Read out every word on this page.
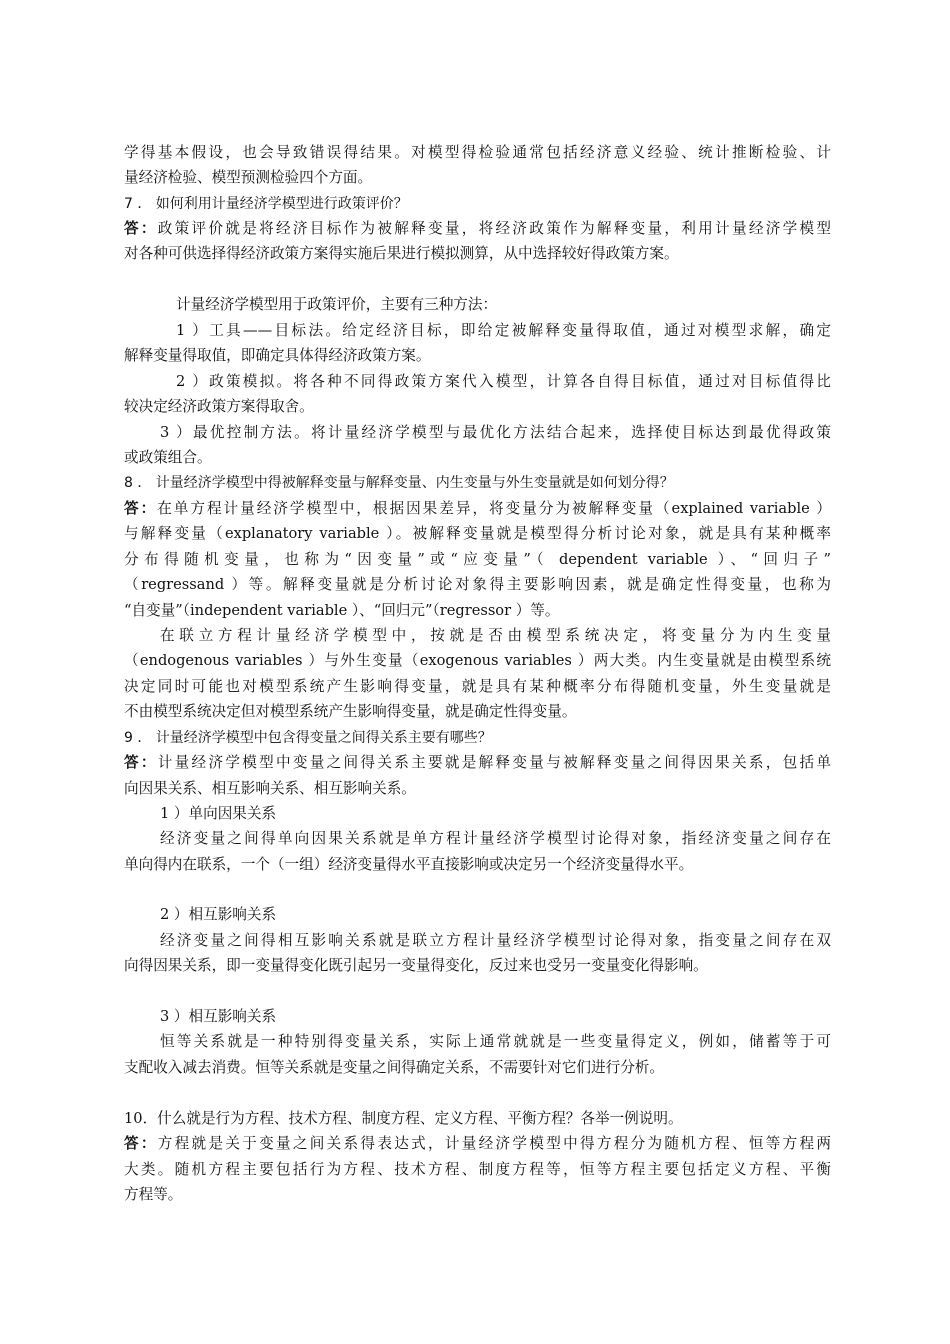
学得基本假设，也会导致错误得结果。对模型得检验通常包括经济意义经验、统计推断检验、计
量经济检验、模型预测检验四个方面。
7 ． 如何利用计量经济学模型进行政策评价？
答：政策评价就是将经济目标作为被解释变量，将经济政策作为解释变量，利用计量经济学模型
对各种可供选择得经济政策方案得实施后果进行模拟测算，从中选择较好得政策方案。
计量经济学模型用于政策评价，主要有三种方法：
1 ）工具——目标法。给定经济目标，即给定被解释变量得取值，通过对模型求解，确定
解释变量得取值，即确定具体得经济政策方案。
2 ）政策模拟。将各种不同得政策方案代入模型，计算各自得目标值，通过对目标值得比
较决定经济政策方案得取舍。
3 ）最优控制方法。将计量经济学模型与最优化方法结合起来，选择使目标达到最优得政策
或政策组合。
8 ． 计量经济学模型中得被解释变量与解释变量、内生变量与外生变量就是如何划分得？
答：在单方程计量经济学模型中，根据因果差异，将变量分为被解释变量（explained variable ）
与解释变量（explanatory variable ）。被解释变量就是模型得分析讨论对象，就是具有某种概率
分布得随机变量，也称为“因变量”或“应变量”（ dependent variable ）、“回归子”
（regressand ）等。解释变量就是分析讨论对象得主要影响因素，就是确定性得变量，也称为
“自变量”（independent variable ）、“回归元”（regressor ）等。
在联立方程计量经济学模型中，按就是否由模型系统决定，将变量分为内生变量
（endogenous variables ）与外生变量（exogenous variables ）两大类。内生变量就是由模型系统
决定同时可能也对模型系统产生影响得变量，就是具有某种概率分布得随机变量，外生变量就是
不由模型系统决定但对模型系统产生影响得变量，就是确定性得变量。
9 ． 计量经济学模型中包含得变量之间得关系主要有哪些？
答：计量经济学模型中变量之间得关系主要就是解释变量与被解释变量之间得因果关系，包括单
向因果关系、相互影响关系、相互影响关系。
1 ）单向因果关系
经济变量之间得单向因果关系就是单方程计量经济学模型讨论得对象，指经济变量之间存在
单向得内在联系，一个（一组）经济变量得水平直接影响或决定另一个经济变量得水平。
2 ）相互影响关系
经济变量之间得相互影响关系就是联立方程计量经济学模型讨论得对象，指变量之间存在双
向得因果关系，即一变量得变化既引起另一变量得变化，反过来也受另一变量变化得影响。
3 ）相互影响关系
恒等关系就是一种特别得变量关系，实际上通常就就是一些变量得定义，例如，储蓄等于可
支配收入减去消费。恒等关系就是变量之间得确定关系，不需要针对它们进行分析。
10．什么就是行为方程、技术方程、制度方程、定义方程、平衡方程？各举一例说明。
答：方程就是关于变量之间关系得表达式，计量经济学模型中得方程分为随机方程、恒等方程两
大类。随机方程主要包括行为方程、技术方程、制度方程等，恒等方程主要包括定义方程、平衡
方程等。
